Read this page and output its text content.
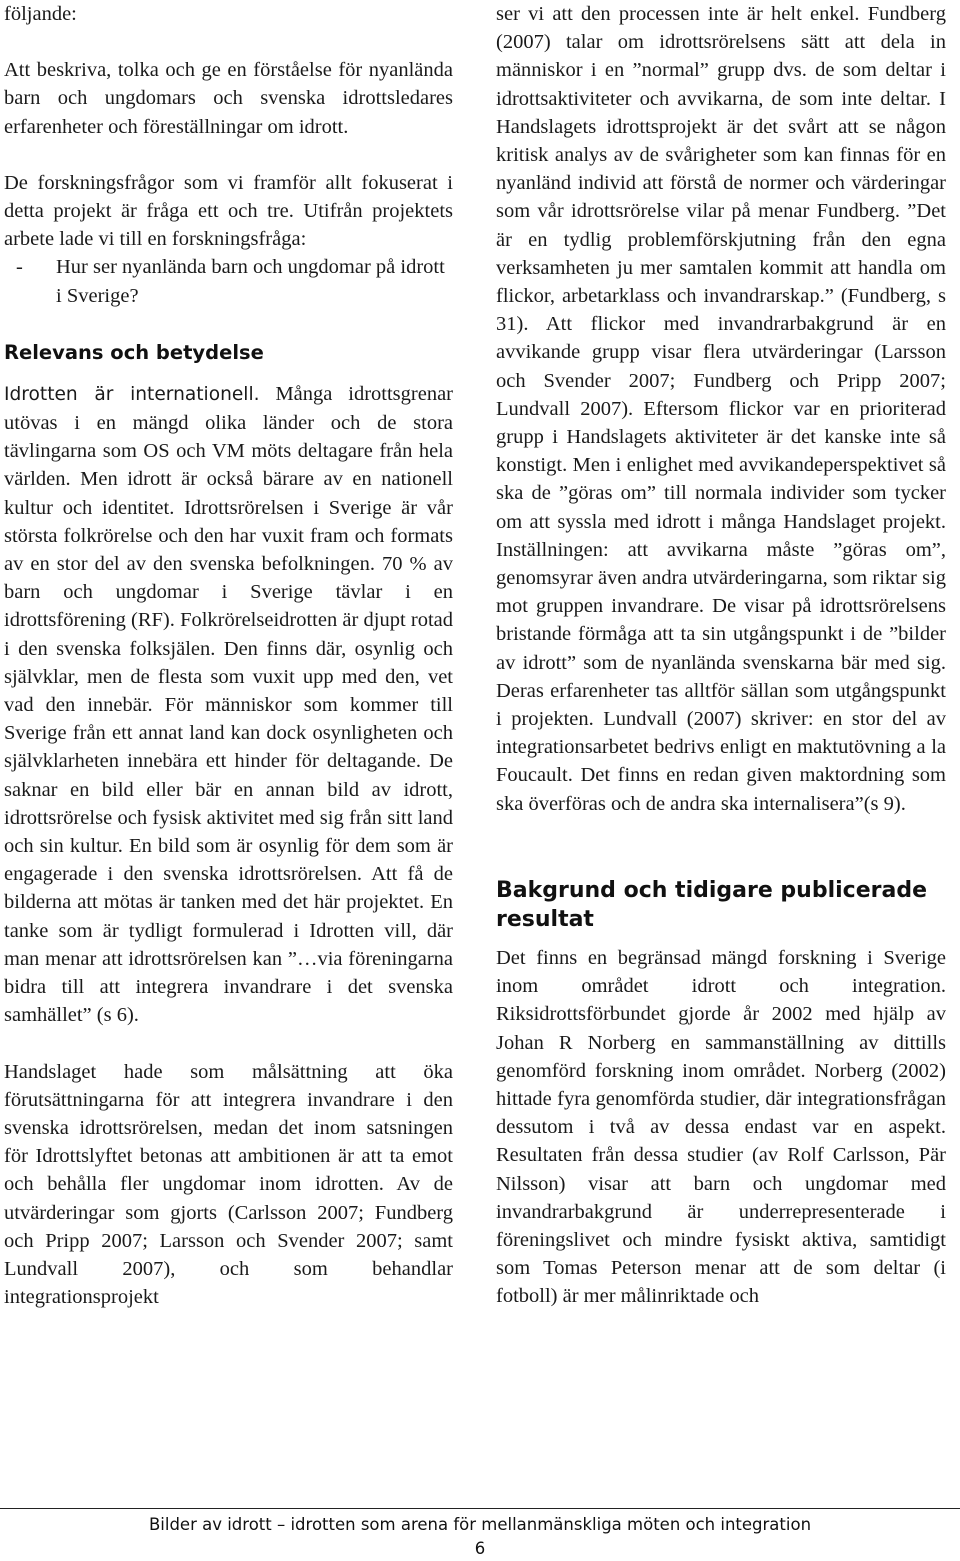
följande:

Att beskriva, tolka och ge en förståelse för nyanlända barn och ungdomars och svenska idrottsledares erfarenheter och föreställningar om idrott.

De forskningsfrågor som vi framför allt fokuserat i detta projekt är fråga ett och tre. Utifrån projektets arbete lade vi till en forskningsfråga:

-	Hur ser nyanlända barn och ungdomar på idrott i Sverige?
Relevans och betydelse

Idrotten är internationell. Många idrottsgrenar utövas i en mängd olika länder och de stora tävlingarna som OS och VM möts deltagare från hela världen. Men idrott är också bärare av en nationell kultur och identitet. Idrottsrörelsen i Sverige är vår största folkrörelse och den har vuxit fram och formats av en stor del av den svenska befolkningen. 70 % av barn och ungdomar i Sverige tävlar i en idrottsförening (RF). Folkrörelseidrotten är djupt rotad i den svenska folksjälen. Den finns där, osynlig och självklar, men de flesta som vuxit upp med den, vet vad den innebär. För människor som kommer till Sverige från ett annat land kan dock osynligheten och självklarheten innebära ett hinder för deltagande. De saknar en bild eller bär en annan bild av idrott, idrottsrörelse och fysisk aktivitet med sig från sitt land och sin kultur. En bild som är osynlig för dem som är engagerade i den svenska idrottsrörelsen. Att få de bilderna att mötas är tanken med det här projektet. En tanke som är tydligt formulerad i Idrotten vill, där man menar att idrottsrörelsen kan ”…via föreningarna bidra till att integrera invandrare i det svenska samhället” (s 6).

Handslaget hade som målsättning att öka förutsättningarna för att integrera invandrare i den svenska idrottsrörelsen, medan det inom satsningen för Idrottslyftet betonas att ambitionen är att ta emot och behålla fler ungdomar inom idrotten. Av de utvärderingar som gjorts (Carlsson 2007; Fundberg och Pripp 2007; Larsson och Svender 2007; samt Lundvall 2007), och som behandlar integrationsprojekt

ser vi att den processen inte är helt enkel. Fundberg (2007) talar om idrottsrörelsens sätt att dela in människor i en ”normal” grupp dvs. de som deltar i idrottsaktiviteter och avvikarna, de som inte deltar. I Handslagets idrottsprojekt är det svårt att se någon kritisk analys av de svårigheter som kan finnas för en nyanländ individ att förstå de normer och värderingar som vår idrottsrörelse vilar på menar Fundberg. ”Det är en tydlig problemförskjutning från den egna verksamheten ju mer samtalen kommit att handla om flickor, arbetarklass och invandrarskap.” (Fundberg, s 31). Att flickor med invandrarbakgrund är en avvikande grupp visar flera utvärderingar (Larsson och Svender 2007; Fundberg och Pripp 2007; Lundvall 2007). Eftersom flickor var en prioriterad grupp i Handslagets aktiviteter är det kanske inte så konstigt. Men i enlighet med avvikandeperspektivet så ska de ”göras om” till normala individer som tycker om att syssla med idrott i många Handslaget projekt. Inställningen: att avvikarna måste ”göras om”, genomsyrar även andra utvärderingarna, som riktar sig mot gruppen invandrare. De visar på idrottsrörelsens bristande förmåga att ta sin utgångspunkt i de ”bilder av idrott” som de nyanlända svenskarna bär med sig. Deras erfarenheter tas alltför sällan som utgångspunkt i projekten. Lundvall (2007) skriver: en stor del av integrationsarbetet bedrivs enligt en maktutövning a la Foucault. Det finns en redan given maktordning som ska överföras och de andra ska internalisera”(s 9).

Bakgrund och tidigare publicerade resultat

Det finns en begränsad mängd forskning i Sverige inom området idrott och integration. Riksidrottsförbundet gjorde år 2002 med hjälp av Johan R Norberg en sammanställning av dittills genomförd forskning inom området. Norberg (2002) hittade fyra genomförda studier, där integrationsfrågan dessutom i två av dessa endast var en aspekt. Resultaten från dessa studier (av Rolf Carlsson, Pär Nilsson) visar att barn och ungdomar med invandrarbakgrund är underrepresenterade i föreningslivet och mindre fysiskt aktiva, samtidigt som Tomas Peterson menar att de som deltar (i fotboll) är mer målinriktade och

Bilder av idrott – idrotten som arena för mellanmänskliga möten och integration
6
